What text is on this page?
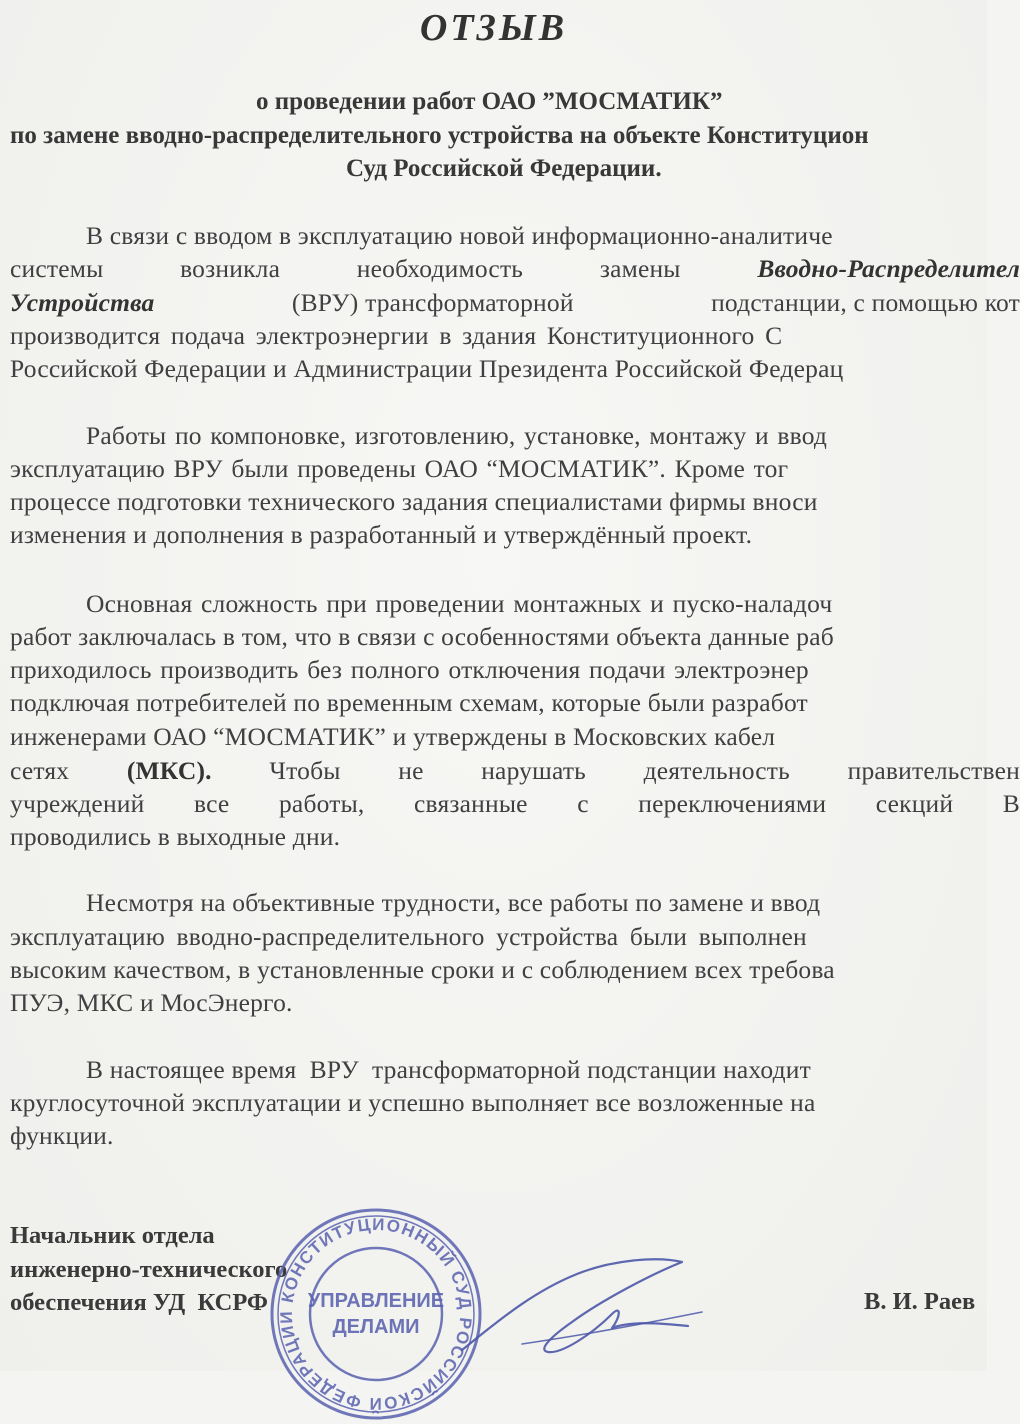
ОТЗЫВ
о проведении работ ОАО ”МОСМАТИК”
по замене вводно-распределительного устройства на объекте Конституцион
Суд Российской Федерации.
В связи с вводом в эксплуатацию новой информационно-аналитиче
системы	возникла	необходимость	замены	Вводно-Распределител
Устройства	(ВРУ) трансформаторной	подстанции, с помощью кот
производится подача электроэнергии в здания Конституционного С
Российской Федерации и Администрации Президента Российской Федерац
Работы по компоновке, изготовлению, установке, монтажу и ввод
эксплуатацию ВРУ были проведены ОАО “МОСМАТИК”. Кроме тог
процессе подготовки технического задания специалистами фирмы вноси
изменения и дополнения в разработанный и утверждённый проект.
Основная сложность при проведении монтажных и пуско-наладоч
работ заключалась в том, что в связи с особенностями объекта данные раб
приходилось производить без полного отключения подачи электроэнер
подключая потребителей по временным схемам, которые были разработ
инженерами ОАО “МОСМАТИК” и утверждены в Московских кабел
сетях (МКС). Чтобы не нарушать деятельность правительствен
учреждений все работы, связанные с переключениями секций В
проводились в выходные дни.
Несмотря на объективные трудности, все работы по замене и ввод
эксплуатацию вводно-распределительного устройства были выполнен
высоким качеством, в установленные сроки и с соблюдением всех требова
ПУЭ, МКС и МосЭнерго.
В настоящее время  ВРУ  трансформаторной подстанции находит
круглосуточной эксплуатации и успешно выполняет все возложенные на
функции.
Начальник отдела
инженерно-технического
обеспечения УД  КСРФ	В. И. Раев
КОНСТИТУЦИОННЫЙ СУД РОССИЙСКОЙ ФЕДЕРАЦИИ
УПРАВЛЕНИЕ
ДЕЛАМИ
